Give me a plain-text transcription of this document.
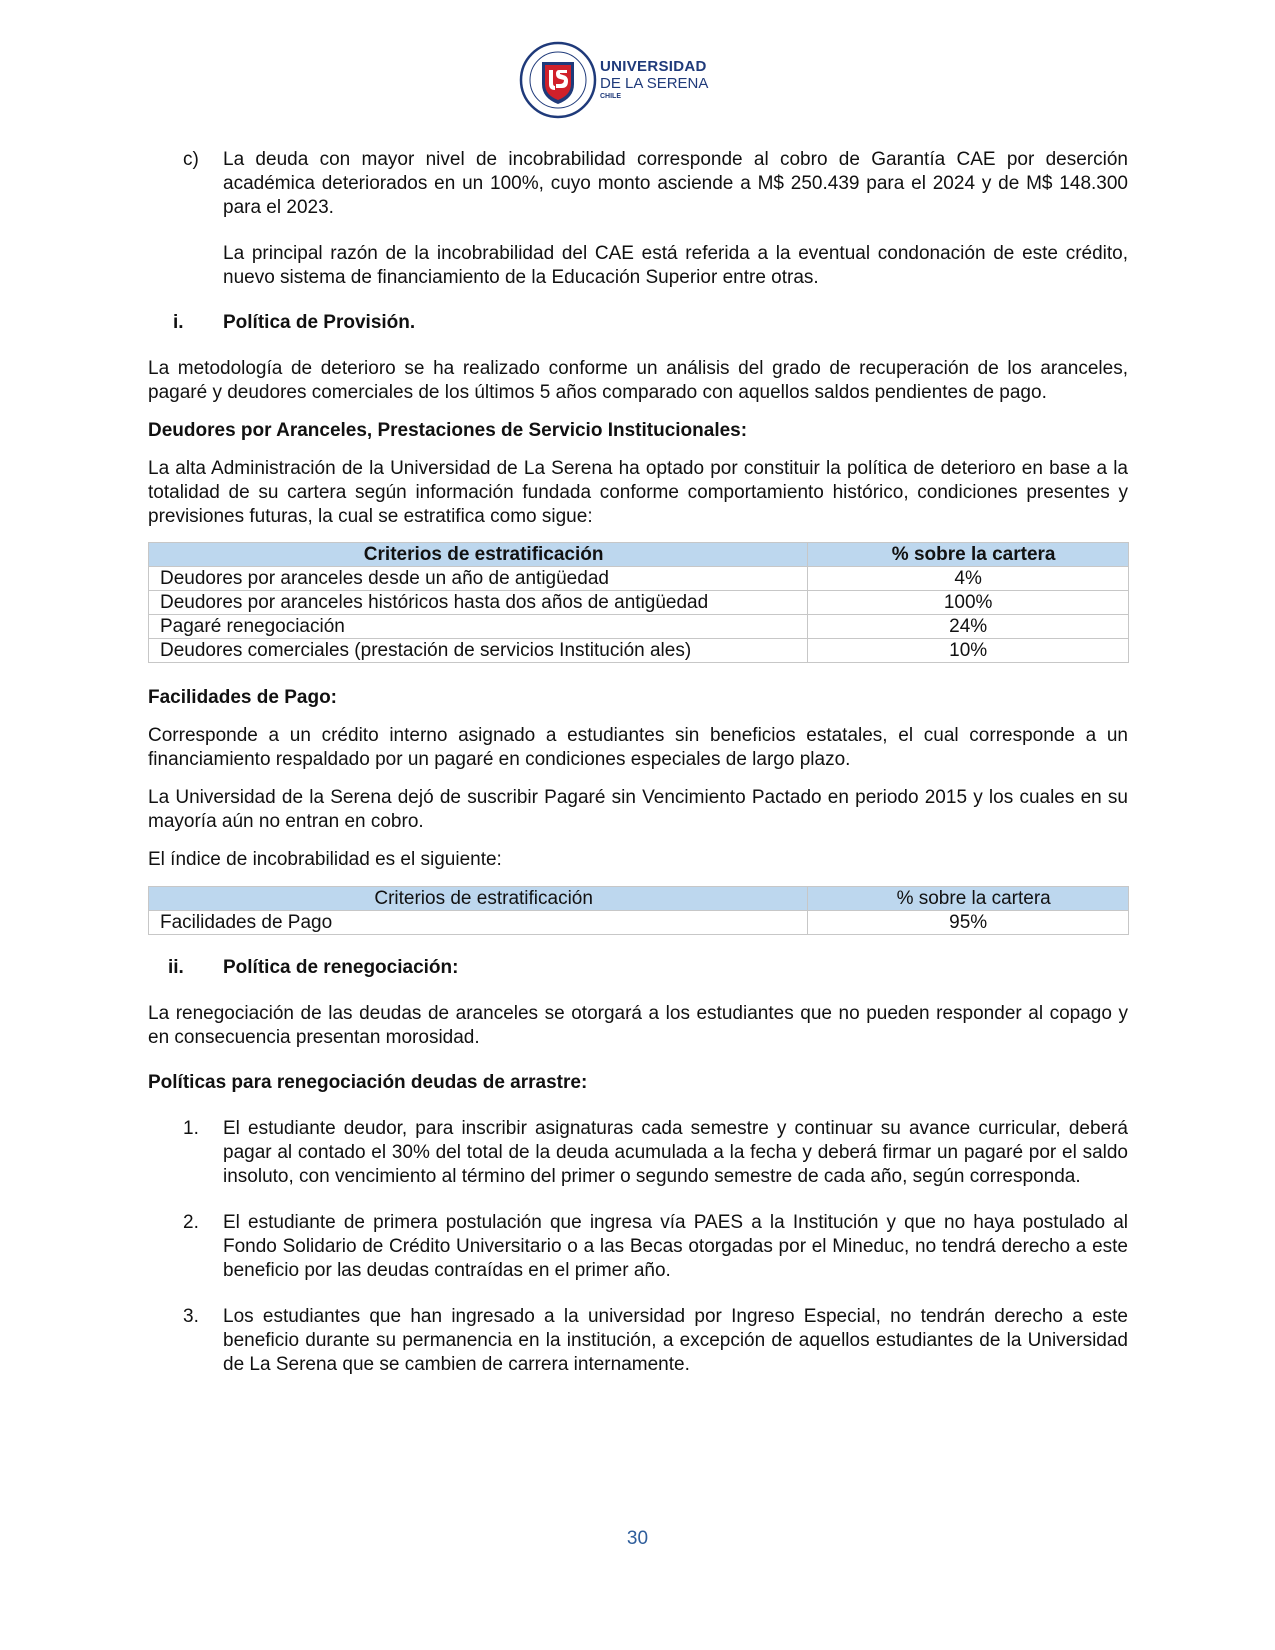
UNIVERSIDAD
DE LA SERENA
CHILE
c) La deuda con mayor nivel de incobrabilidad corresponde al cobro de Garantía CAE por deserción académica deteriorados en un 100%, cuyo monto asciende a M$ 250.439 para el 2024 y de M$ 148.300 para el 2023.

La principal razón de la incobrabilidad del CAE está referida a la eventual condonación de este crédito, nuevo sistema de financiamiento de la Educación Superior entre otras.

i. Política de Provisión.

La metodología de deterioro se ha realizado conforme un análisis del grado de recuperación de los aranceles, pagaré y deudores comerciales de los últimos 5 años comparado con aquellos saldos pendientes de pago.

Deudores por Aranceles, Prestaciones de Servicio Institucionales:

La alta Administración de la Universidad de La Serena ha optado por constituir la política de deterioro en base a la totalidad de su cartera según información fundada conforme comportamiento histórico, condiciones presentes y previsiones futuras, la cual se estratifica como sigue:

Criterios de estratificación	% sobre la cartera
Deudores por aranceles desde un año de antigüedad	4%
Deudores por aranceles históricos hasta dos años de antigüedad	100%
Pagaré renegociación	24%
Deudores comerciales (prestación de servicios Institución ales)	10%

Facilidades de Pago:

Corresponde a un crédito interno asignado a estudiantes sin beneficios estatales, el cual corresponde a un financiamiento respaldado por un pagaré en condiciones especiales de largo plazo.

La Universidad de la Serena dejó de suscribir Pagaré sin Vencimiento Pactado en periodo 2015 y los cuales en su mayoría aún no entran en cobro.

El índice de incobrabilidad es el siguiente:

Criterios de estratificación	% sobre la cartera
Facilidades de Pago	95%
ii. Política de renegociación:

La renegociación de las deudas de aranceles se otorgará a los estudiantes que no pueden responder al copago y en consecuencia presentan morosidad.

Políticas para renegociación deudas de arrastre:

1. El estudiante deudor, para inscribir asignaturas cada semestre y continuar su avance curricular, deberá pagar al contado el 30% del total de la deuda acumulada a la fecha y deberá firmar un pagaré por el saldo insoluto, con vencimiento al término del primer o segundo semestre de cada año, según corresponda.

2. El estudiante de primera postulación que ingresa vía PAES a la Institución y que no haya postulado al Fondo Solidario de Crédito Universitario o a las Becas otorgadas por el Mineduc, no tendrá derecho a este beneficio por las deudas contraídas en el primer año.

3. Los estudiantes que han ingresado a la universidad por Ingreso Especial, no tendrán derecho a este beneficio durante su permanencia en la institución, a excepción de aquellos estudiantes de la Universidad de La Serena que se cambien de carrera internamente.

30
